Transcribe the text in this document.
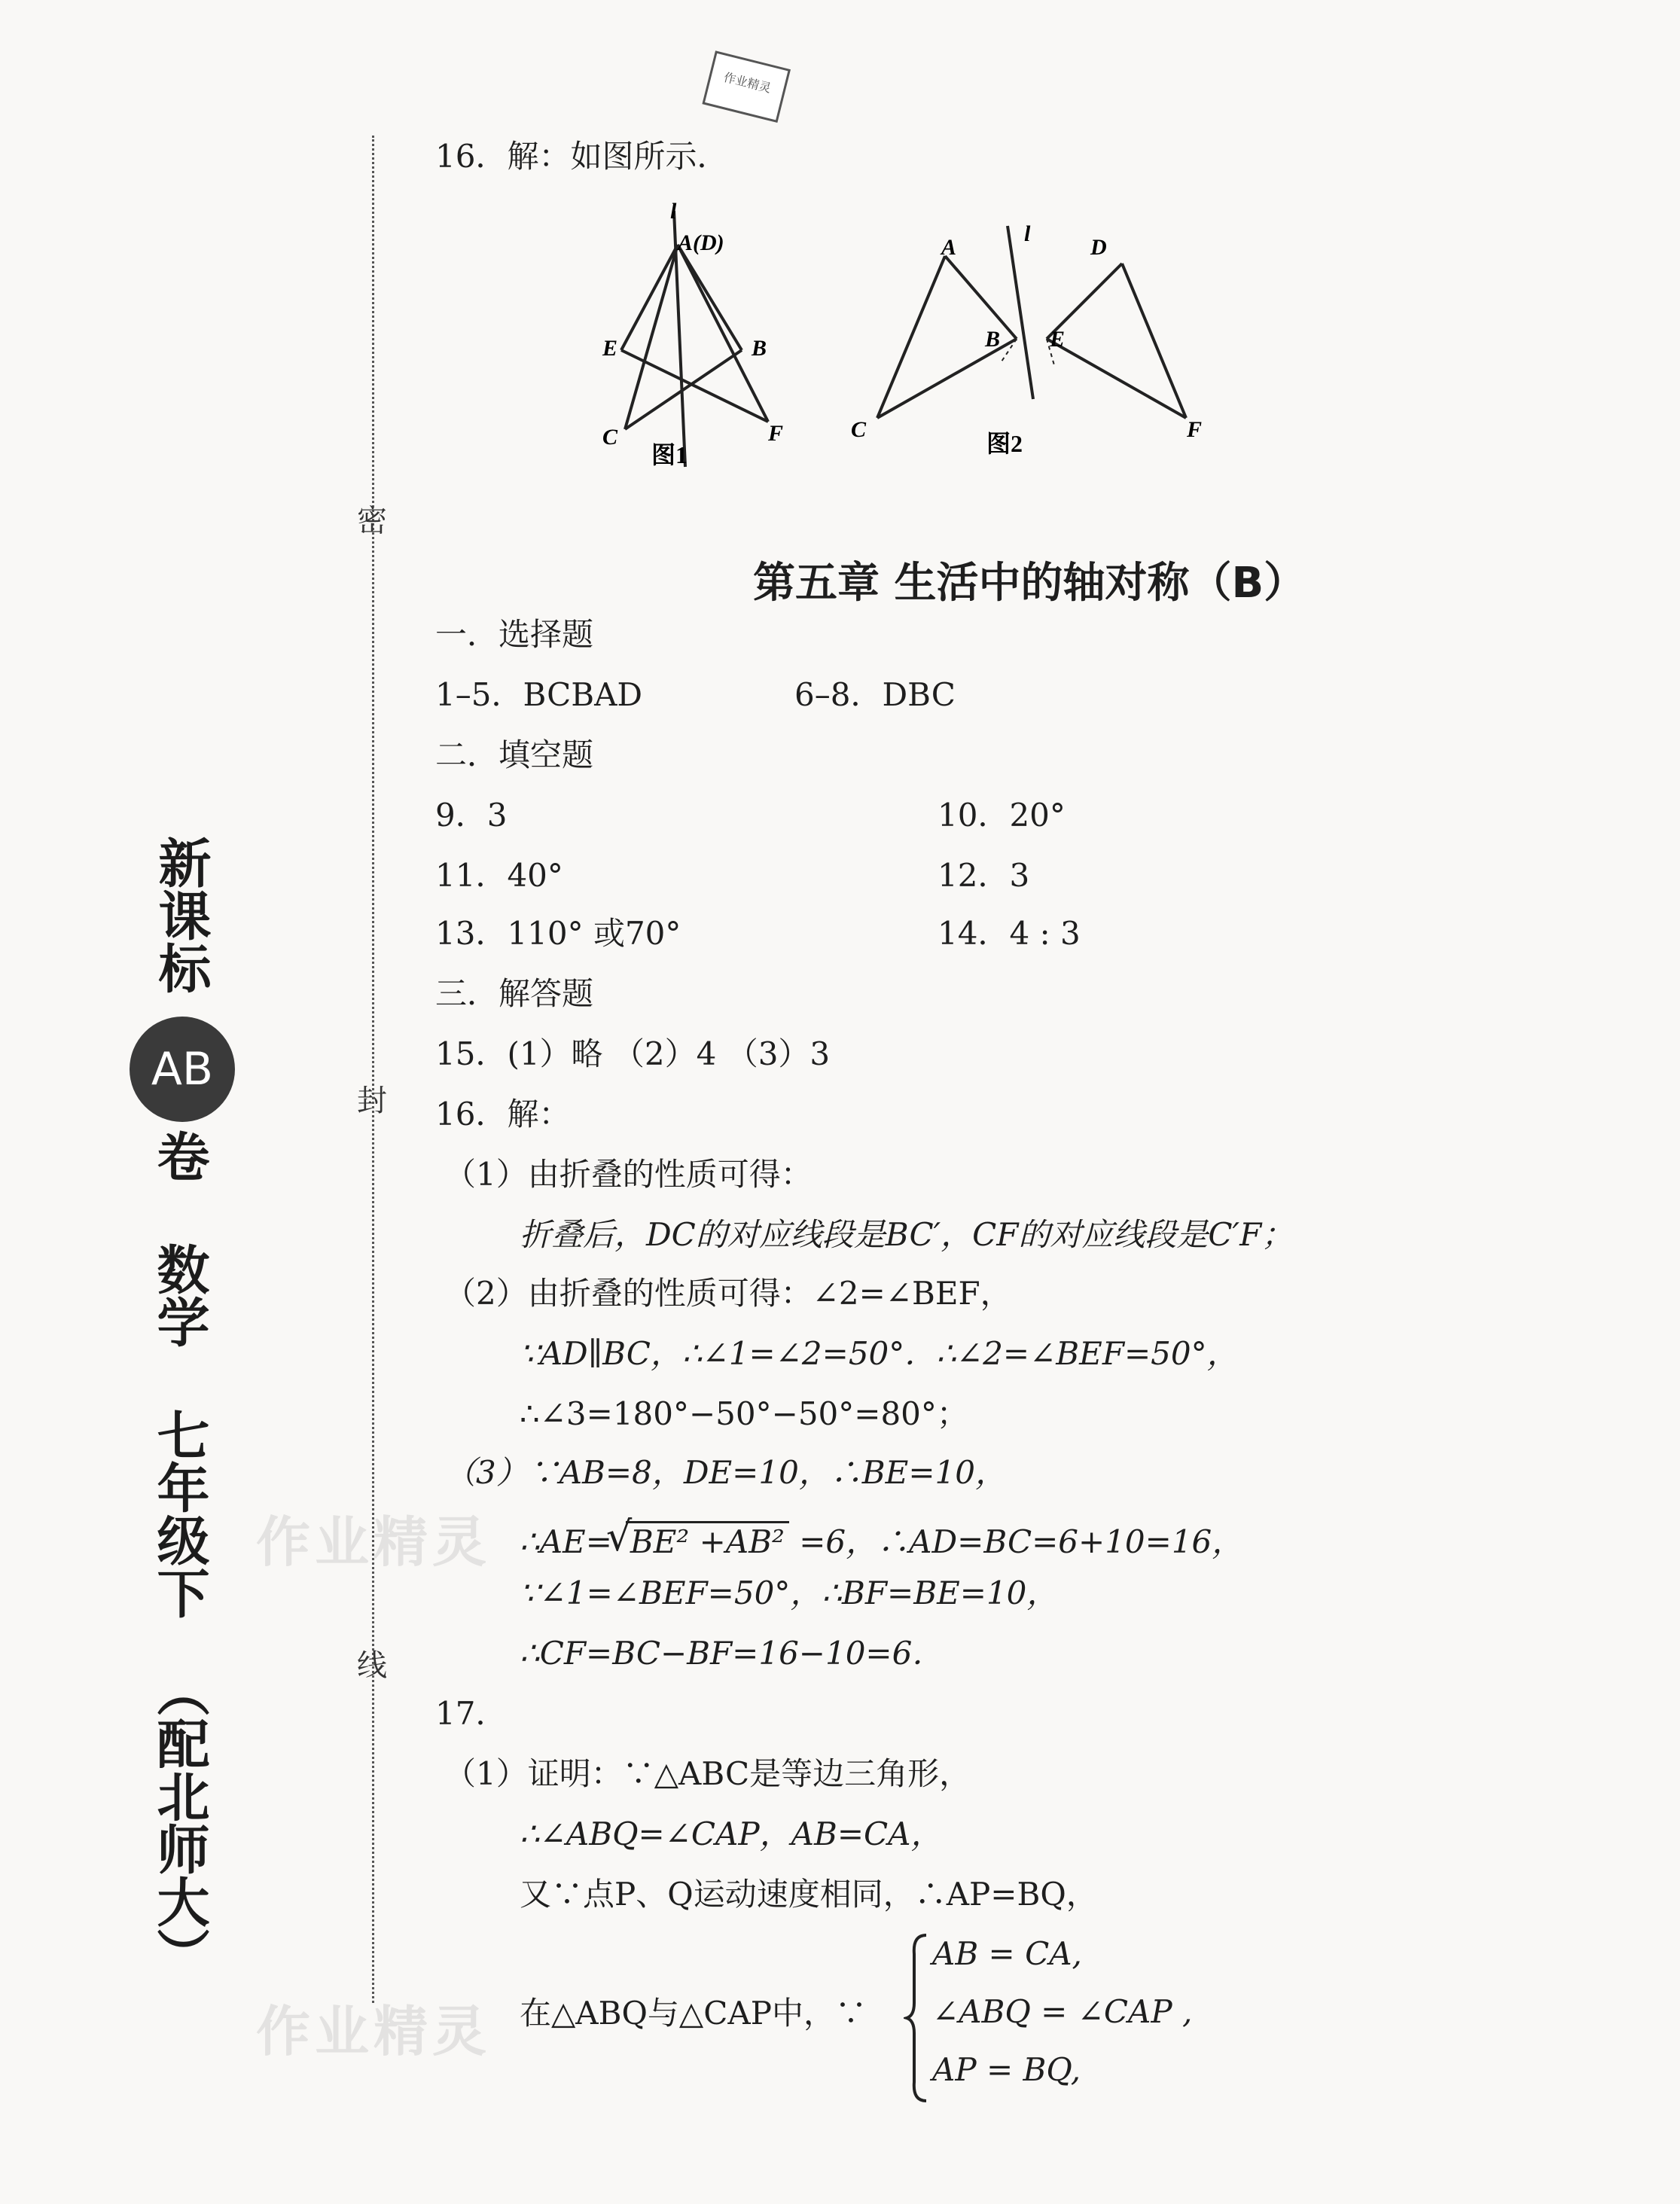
密
封
线
新课标
AB
卷
数学
七年级下
（配北师大）
作业精灵
作业精灵
作业精灵
16．解：如图所示．
l
A(D)
E	B
C	F
图1
A
l
D
B E
C	F
图2
第五章 生活中的轴对称（B）
一．选择题
1–5．BCBAD	6–8．DBC
二．填空题
9．3	10．20°
11．40°	12．3
13．110° 或70°	14．4 : 3
三．解答题
15．(1）略 （2）4 （3）3
16．解：
（1）由折叠的性质可得：
折叠后，DC的对应线段是BC′，CF的对应线段是C′F；
（2）由折叠的性质可得：∠2=∠BEF，
∵AD∥BC，∴∠1=∠2=50°．∴∠2=∠BEF=50°，
∴∠3=180°−50°−50°=80°；
（3）∵AB=8，DE=10，∴BE=10，
∴AE=
√
BE² +AB² =6，∴AD=BC=6+10=16，
∵∠1=∠BEF=50°，∴BF=BE=10，
∴CF=BC−BF=16−10=6．
17．
（1）证明：∵△ABC是等边三角形，
∴∠ABQ=∠CAP，AB=CA，
又∵点P、Q运动速度相同，∴AP=BQ，
在△ABQ与△CAP中，∵
AB = CA,
∠ABQ = ∠CAP ,
AP = BQ,
